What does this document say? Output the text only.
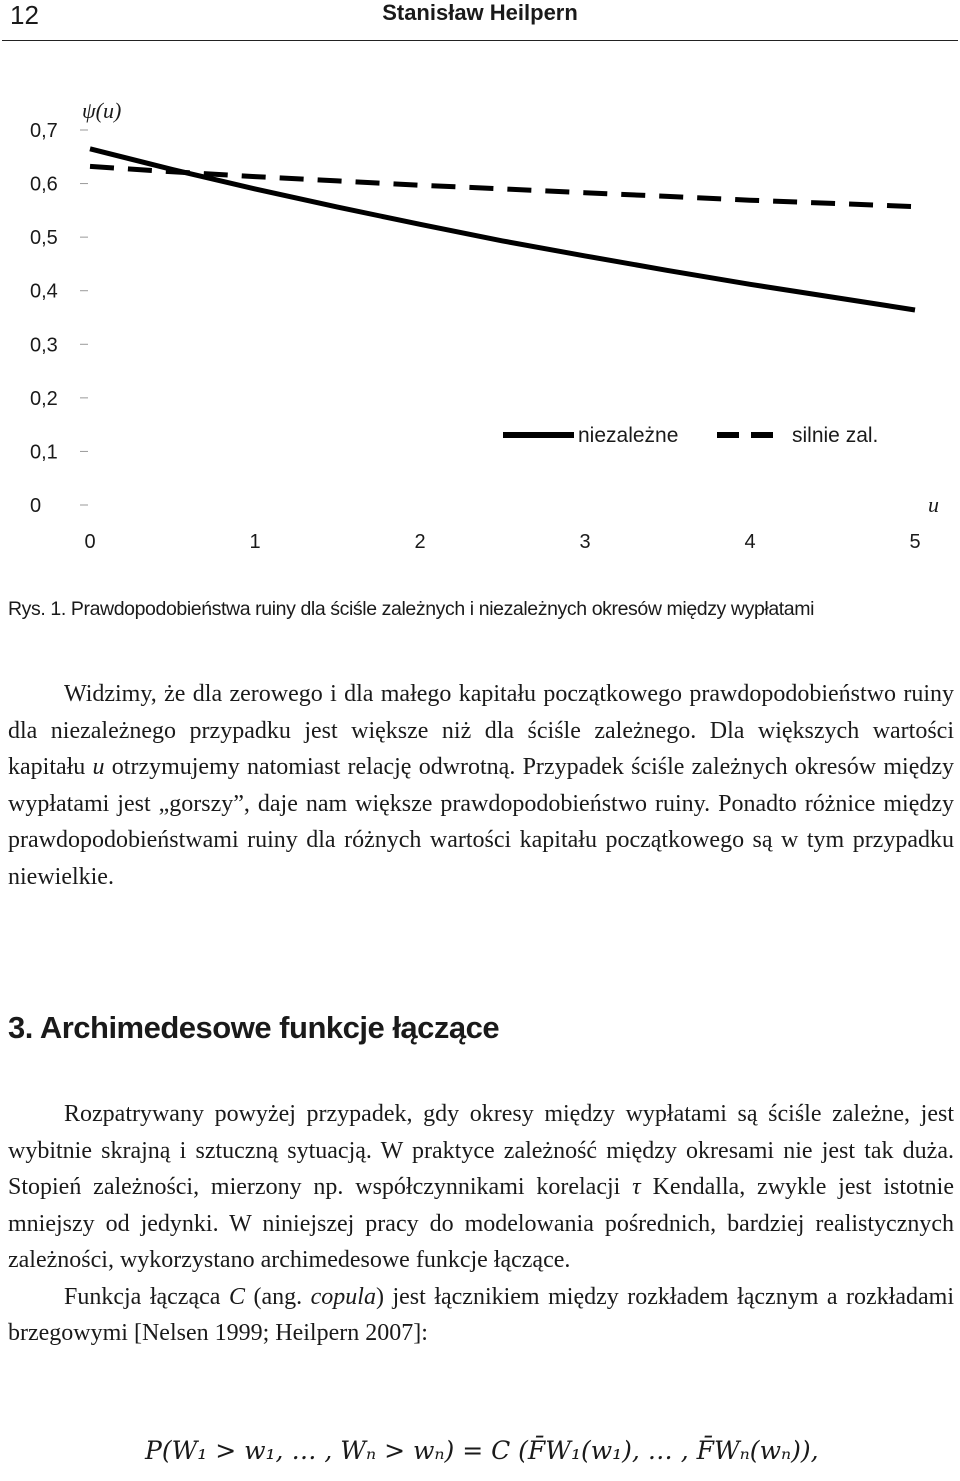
12	Stanisław Heilpern
0
0,1
0,2
0,3
0,4
0,5
0,6
0,7
0	1	2	3	4	5
ψ(u)
u
niezależne	silnie zal.
Rys. 1. Prawdopodobieństwa ruiny dla ściśle zależnych i niezależnych okresów między wypłatami

Widzimy, że dla zerowego i dla małego kapitału początkowego prawdopodobieństwo ruiny dla niezależnego przypadku jest większe niż dla ściśle zależnego. Dla większych wartości kapitału u otrzymujemy natomiast relację odwrotną. Przypadek ściśle zależnych okresów między wypłatami jest „gorszy”, daje nam większe prawdopodobieństwo ruiny. Ponadto różnice między prawdopodobieństwami ruiny dla różnych wartości kapitału początkowego są w tym przypadku niewielkie.

3. Archimedesowe funkcje łączące

Rozpatrywany powyżej przypadek, gdy okresy między wypłatami są ściśle zależne, jest wybitnie skrajną i sztuczną sytuacją. W praktyce zależność między okresami nie jest tak duża. Stopień zależności, mierzony np. współczynnikami korelacji τ Kendalla, zwykle jest istotnie mniejszy od jedynki. W niniejszej pracy do modelowania pośrednich, bardziej realistycznych zależności, wykorzystano archimedesowe funkcje łączące.

Funkcja łącząca C (ang. copula) jest łącznikiem między rozkładem łącznym a rozkładami brzegowymi [Nelsen 1999; Heilpern 2007]:

P(W₁ > w₁, … , Wₙ > wₙ) = C (F̄W₁(w₁), … , F̄Wₙ(wₙ)),
